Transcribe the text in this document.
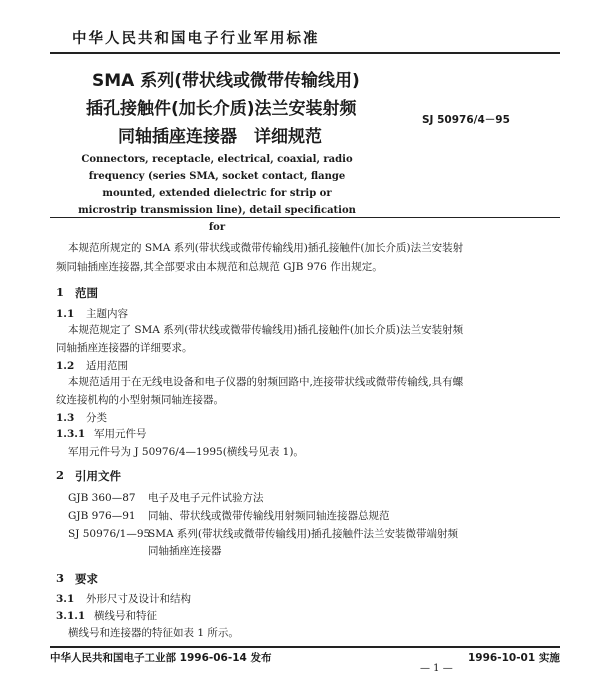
中华人民共和国电子行业军用标准
SMA 系列(带状线或微带传输线用)
插孔接触件(加长介质)法兰安装射频
同轴插座连接器　详细规范
SJ 50976/4－95
Connectors, receptacle, electrical, coaxial, radio frequency (series SMA, socket contact, flange mounted, extended dielectric for strip or microstrip transmission line), detail specification for
本规范所规定的 SMA 系列(带状线或微带传输线用)插孔接触件(加长介质)法兰安装射
频同轴插座连接器,其全部要求由本规范和总规范 GJB 976 作出规定。
1 范围
1.1 主题内容
本规范规定了 SMA 系列(带状线或微带传输线用)插孔接触件(加长介质)法兰安装射频
同轴插座连接器的详细要求。
1.2 适用范围
本规范适用于在无线电设备和电子仪器的射频回路中,连接带状线或微带传输线,具有螺
纹连接机构的小型射频同轴连接器。
1.3 分类
1.3.1 军用元件号
军用元件号为 J 50976/4—1995(横线号见表 1)。
2 引用文件
GJB 360—87 电子及电子元件试验方法
GJB 976—91 同轴、带状线或微带传输线用射频同轴连接器总规范
SJ 50976/1—95
SMA 系列(带状线或微带传输线用)插孔接触件法兰安装微带端射频
同轴插座连接器
3 要求
3.1 外形尺寸及设计和结构
3.1.1 横线号和特征
横线号和连接器的特征如表 1 所示。
中华人民共和国电子工业部 1996-06-14 发布	1996-10-01 实施
— 1 —
